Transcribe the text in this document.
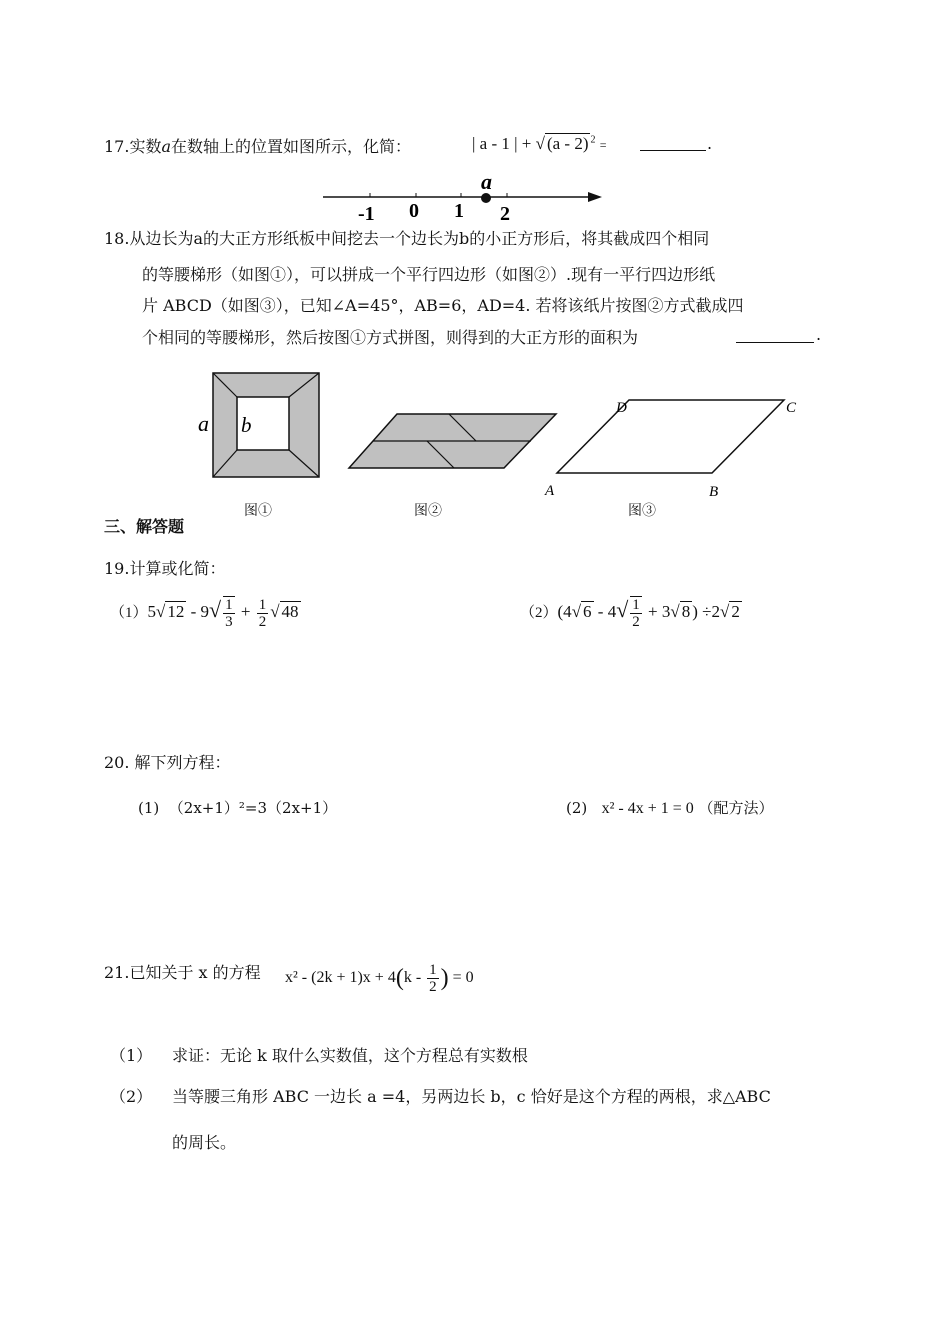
17.实数a在数轴上的位置如图所示，化简：	| a - 1 | + √ (a - 2) $^2$ =	.
-1 0 1 2
a
18.从边长为a的大正方形纸板中间挖去一个边长为b的小正方形后，将其截成四个相同
的等腰梯形（如图①），可以拼成一个平行四边形（如图②）.现有一平行四边形纸
片 ABCD（如图③），已知∠A=45°，AB=6，AD=4. 若将该纸片按图②方式截成四
个相同的等腰梯形，然后按图①方式拼图，则得到的大正方形的面积为	.
a b
图①	图②
D	C
A	B
图③
三、解答题
19.计算或化简：
（1）5√ $12 - 9√ \frac{1}{3} + \frac{1}{2}$ √ 48	（2）(4√ $6 - 4√ \frac{1}{2} + 3√$ 8 ) ÷2√ 2
20. 解下列方程：
(1) （2x+1）²=3（2x+1）	(2) x² - 4x + 1 = 0 （配方法）
21.已知关于 x 的方程 $x^2 - (2k + 1)x + 4(k - \frac{1}{2}$ ) = 0
（1） 求证：无论 k 取什么实数值，这个方程总有实数根
（2） 当等腰三角形 ABC 一边长 a =4，另两边长 b，c 恰好是这个方程的两根，求△ABC
的周长。
